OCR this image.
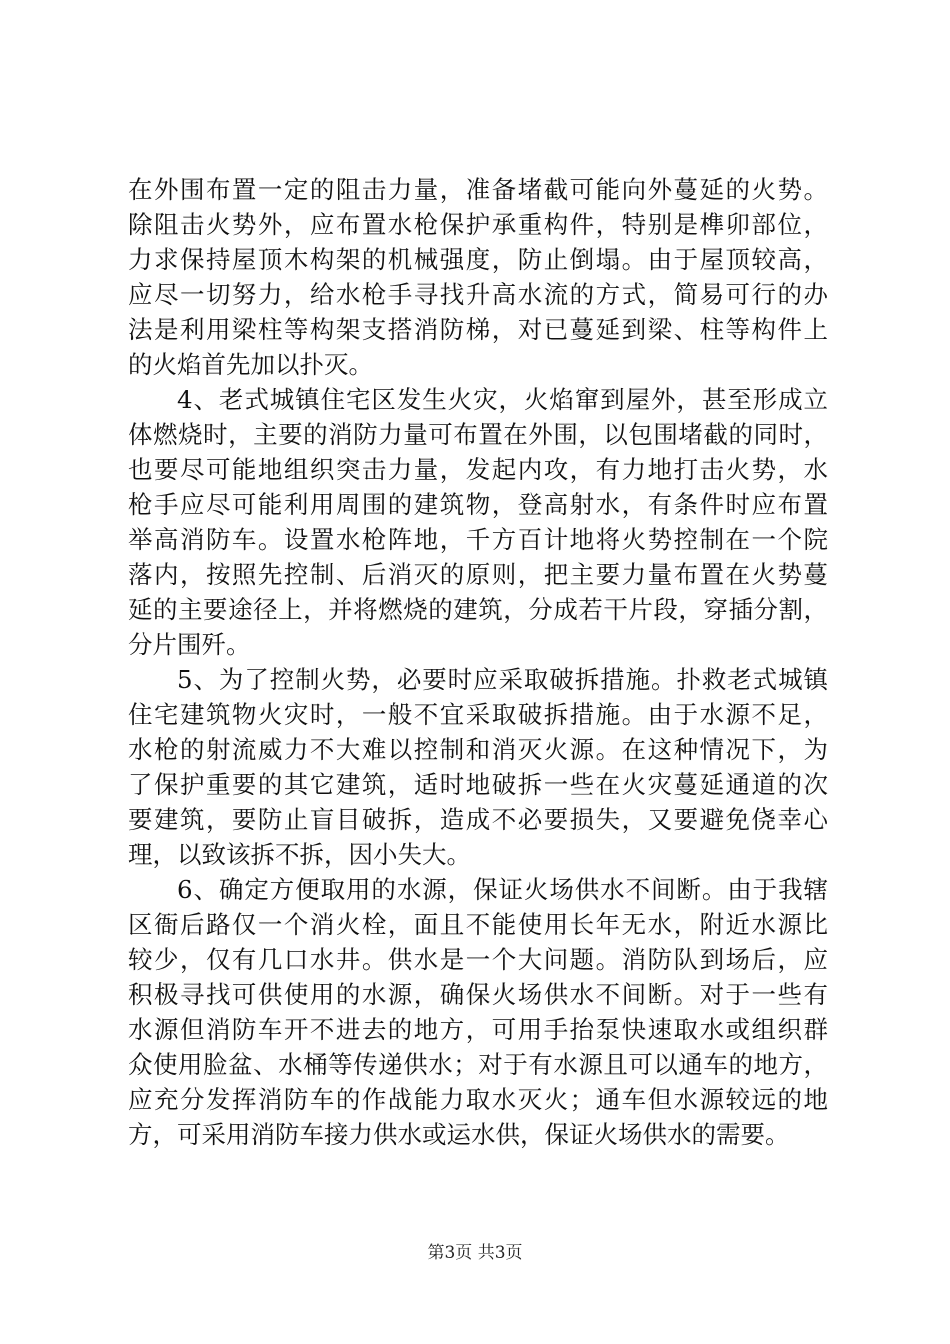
在外围布置一定的阻击力量，准备堵截可能向外蔓延的火势。
除阻击火势外，应布置水枪保护承重构件，特别是榫卯部位，
力求保持屋顶木构架的机械强度，防止倒塌。由于屋顶较高，
应尽一切努力，给水枪手寻找升高水流的方式，简易可行的办
法是利用梁柱等构架支搭消防梯，对已蔓延到梁、柱等构件上
的火焰首先加以扑灭。
4、老式城镇住宅区发生火灾，火焰窜到屋外，甚至形成立
体燃烧时，主要的消防力量可布置在外围，以包围堵截的同时，
也要尽可能地组织突击力量，发起内攻，有力地打击火势，水
枪手应尽可能利用周围的建筑物，登高射水，有条件时应布置
举高消防车。设置水枪阵地，千方百计地将火势控制在一个院
落内，按照先控制、后消灭的原则，把主要力量布置在火势蔓
延的主要途径上，并将燃烧的建筑，分成若干片段，穿插分割，
分片围歼。
5、为了控制火势，必要时应采取破拆措施。扑救老式城镇
住宅建筑物火灾时，一般不宜采取破拆措施。由于水源不足，
水枪的射流威力不大难以控制和消灭火源。在这种情况下，为
了保护重要的其它建筑，适时地破拆一些在火灾蔓延通道的次
要建筑，要防止盲目破拆，造成不必要损失，又要避免侥幸心
理，以致该拆不拆，因小失大。
6、确定方便取用的水源，保证火场供水不间断。由于我辖
区衙后路仅一个消火栓，面且不能使用长年无水，附近水源比
较少，仅有几口水井。供水是一个大问题。消防队到场后，应
积极寻找可供使用的水源，确保火场供水不间断。对于一些有
水源但消防车开不进去的地方，可用手抬泵快速取水或组织群
众使用脸盆、水桶等传递供水；对于有水源且可以通车的地方，
应充分发挥消防车的作战能力取水灭火；通车但水源较远的地
方，可采用消防车接力供水或运水供，保证火场供水的需要。
第3页 共3页
